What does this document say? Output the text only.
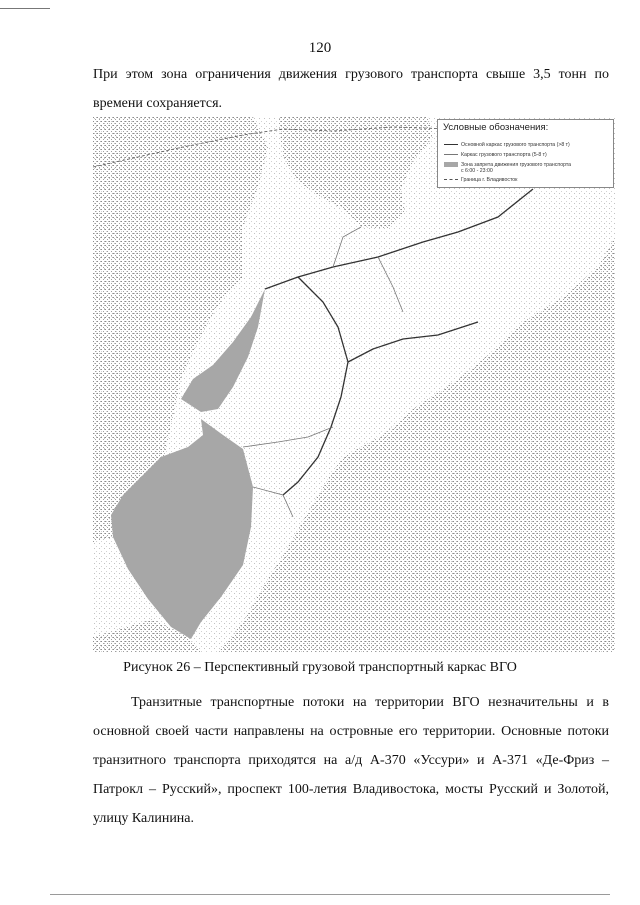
120

При этом зона ограничения движения грузового транспорта свыше 3,5 тонн по времени сохраняется.

Условные обозначения:
Основной каркас грузового транспорта (>8 т)
Каркас грузового транспорта (5-8 т)
Зона запрета движения грузового транспорта
с 6:00 - 23:00
Граница г. Владивосток
Рисунок 26 – Перспективный грузовой транспортный каркас ВГО

Транзитные транспортные потоки на территории ВГО незначительны и в основной своей части направлены на островные его территории. Основные потоки транзитного транспорта приходятся на а/д А-370 «Уссури» и А-371 «Де-Фриз – Патрокл – Русский», проспект 100-летия Владивостока, мосты Русский и Золотой, улицу Калинина.
